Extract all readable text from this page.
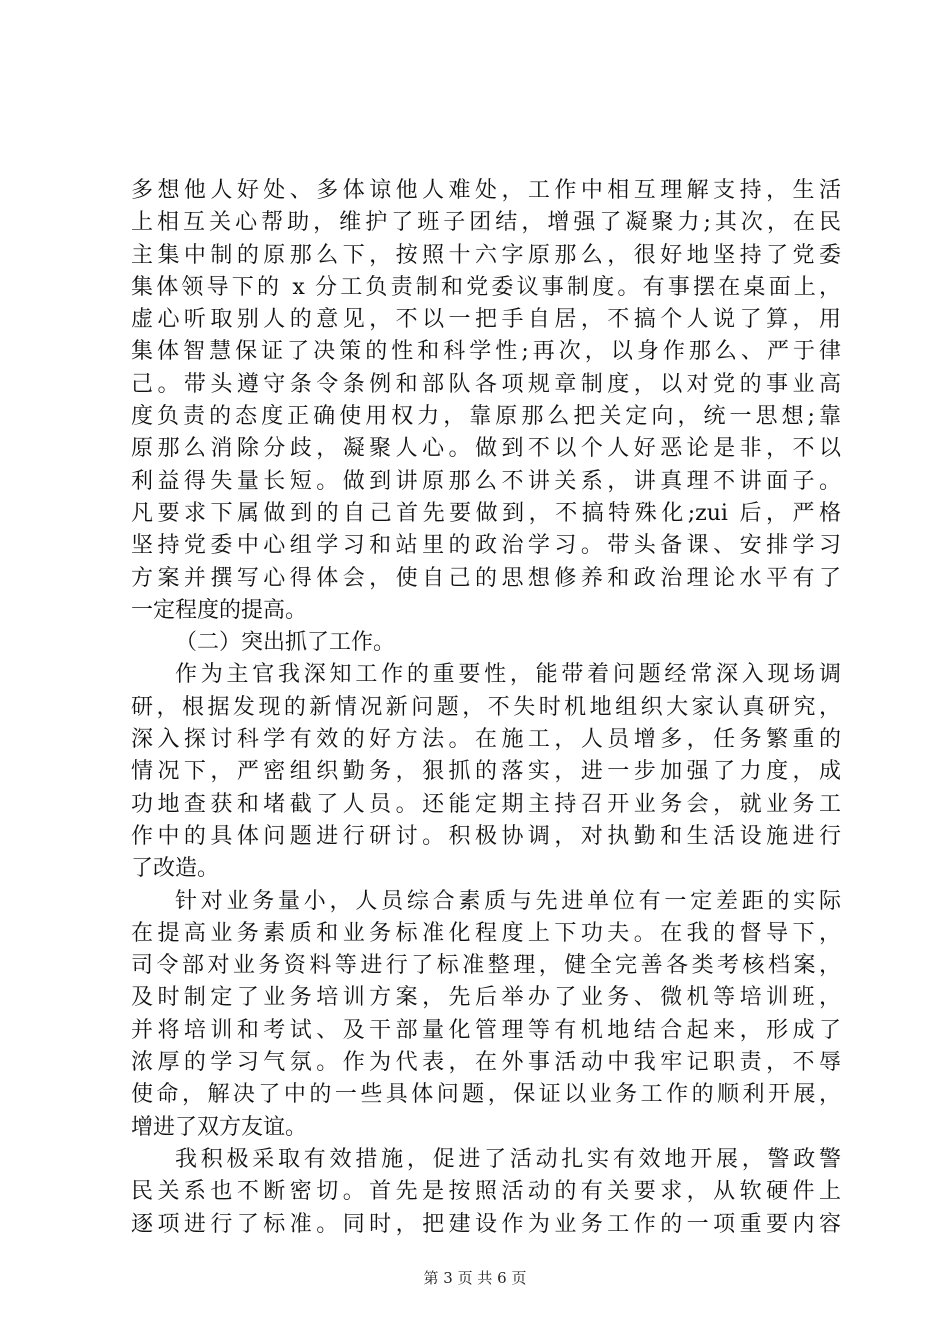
多想他人好处、多体谅他人难处，工作中相互理解支持，生活
上相互关心帮助，维护了班子团结，增强了凝聚力;其次，在民
主集中制的原那么下，按照十六字原那么，很好地坚持了党委
集体领导下的 x 分工负责制和党委议事制度。有事摆在桌面上，
虚心听取别人的意见，不以一把手自居，不搞个人说了算，用
集体智慧保证了决策的性和科学性;再次，以身作那么、严于律
己。带头遵守条令条例和部队各项规章制度，以对党的事业高
度负责的态度正确使用权力，靠原那么把关定向，统一思想;靠
原那么消除分歧，凝聚人心。做到不以个人好恶论是非，不以
利益得失量长短。做到讲原那么不讲关系，讲真理不讲面子。
凡要求下属做到的自己首先要做到，不搞特殊化;zui 后，严格
坚持党委中心组学习和站里的政治学习。带头备课、安排学习
方案并撰写心得体会，使自己的思想修养和政治理论水平有了
一定程度的提高。
（二）突出抓了工作。
作为主官我深知工作的重要性，能带着问题经常深入现场调
研，根据发现的新情况新问题，不失时机地组织大家认真研究，
深入探讨科学有效的好方法。在施工，人员增多，任务繁重的
情况下，严密组织勤务，狠抓的落实，进一步加强了力度，成
功地查获和堵截了人员。还能定期主持召开业务会，就业务工
作中的具体问题进行研讨。积极协调，对执勤和生活设施进行
了改造。
针对业务量小，人员综合素质与先进单位有一定差距的实际
在提高业务素质和业务标准化程度上下功夫。在我的督导下，
司令部对业务资料等进行了标准整理，健全完善各类考核档案，
及时制定了业务培训方案，先后举办了业务、微机等培训班，
并将培训和考试、及干部量化管理等有机地结合起来，形成了
浓厚的学习气氛。作为代表，在外事活动中我牢记职责，不辱
使命，解决了中的一些具体问题，保证以业务工作的顺利开展，
增进了双方友谊。
我积极采取有效措施，促进了活动扎实有效地开展，警政警
民关系也不断密切。首先是按照活动的有关要求，从软硬件上
逐项进行了标准。同时，把建设作为业务工作的一项重要内容
第 3 页 共 6 页
